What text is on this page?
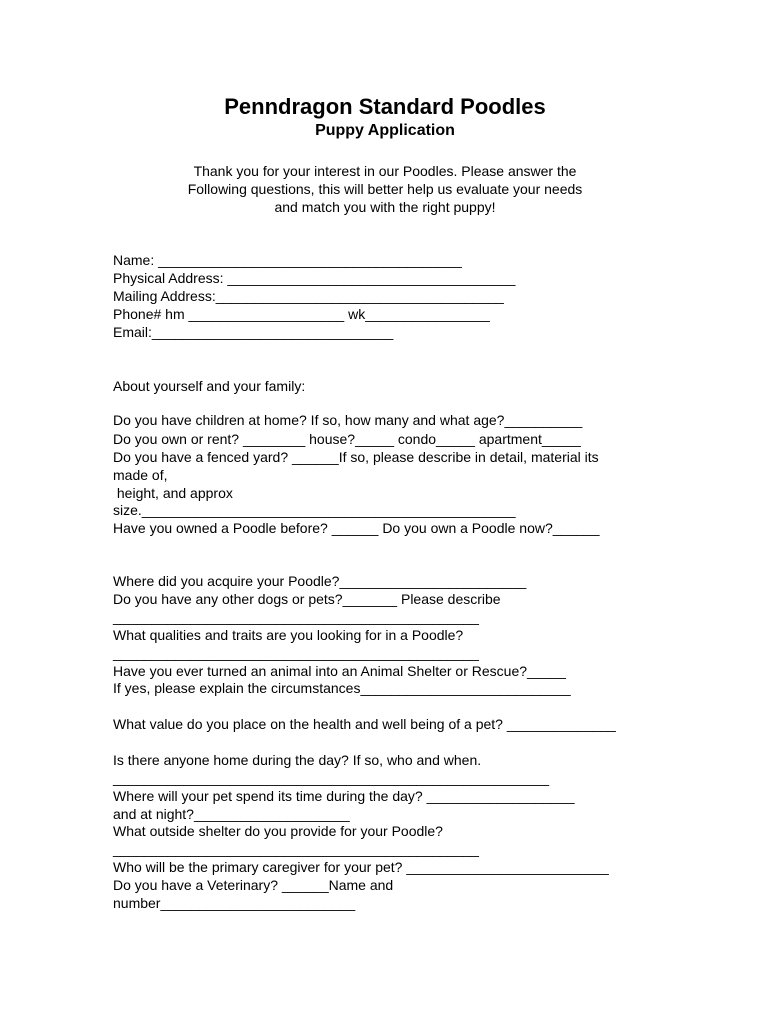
Penndragon Standard Poodles
Puppy Application
Thank you for your interest in our Poodles. Please answer the
Following questions, this will better help us evaluate your needs
and match you with the right puppy!
Name: _______________________________________
Physical Address: _____________________________________
Mailing Address:_____________________________________
Phone# hm ____________________ wk________________
Email:_______________________________
About yourself and your family:
Do you have children at home? If so, how many and what age?__________
Do you own or rent? ________ house?_____ condo_____ apartment_____
Do you have a fenced yard? ______If so, please describe in detail, material its
made of,
height, and approx
size.________________________________________________
Have you owned a Poodle before? ______ Do you own a Poodle now?______
Where did you acquire your Poodle?________________________
Do you have any other dogs or pets?_______ Please describe
_______________________________________________
What qualities and traits are you looking for in a Poodle?
_______________________________________________
Have you ever turned an animal into an Animal Shelter or Rescue?_____
If yes, please explain the circumstances___________________________
What value do you place on the health and well being of a pet? ______________
Is there anyone home during the day? If so, who and when.
________________________________________________________
Where will your pet spend its time during the day? ___________________
and at night?____________________
What outside shelter do you provide for your Poodle?
_______________________________________________
Who will be the primary caregiver for your pet? __________________________
Do you have a Veterinary? ______Name and
number_________________________
